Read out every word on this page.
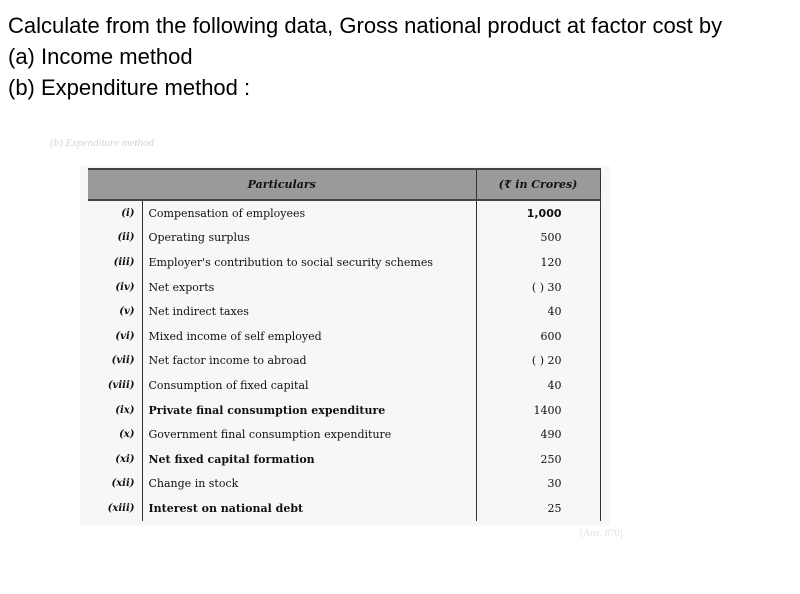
Calculate from the following data, Gross national product at factor cost by
(a) Income method
(b) Expenditure method :
(b) Expenditure method
Particulars		(₹ in Crores)
(i)	Compensation of employees	1,000
(ii)	Operating surplus	500
(iii)	Employer's contribution to social security schemes	120
(iv)	Net exports	( ) 30
(v)	Net indirect taxes	40
(vi)	Mixed income of self employed	600
(vii)	Net factor income to abroad	( ) 20
(viii)	Consumption of fixed capital	40
(ix)	Private final consumption expenditure	1400
(x)	Government final consumption expenditure	490
(xi)	Net fixed capital formation	250
(xii)	Change in stock	30
(xiii)	Interest on national debt	25
[Ans. 870]
